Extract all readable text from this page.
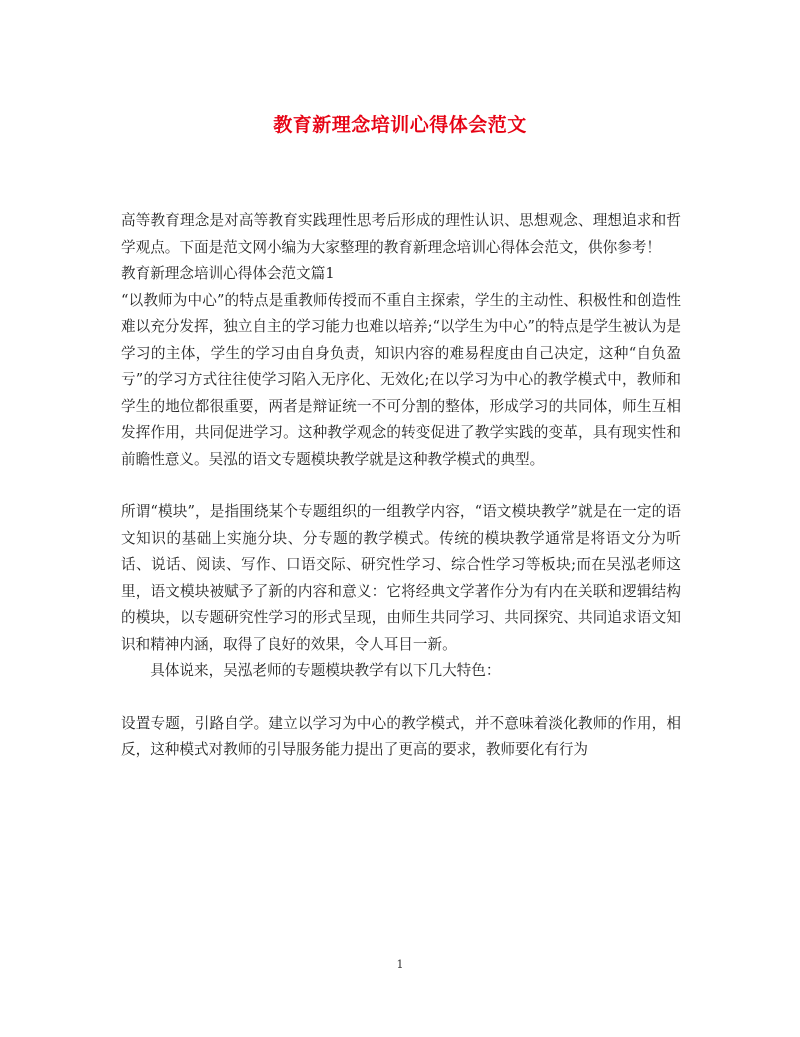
教育新理念培训心得体会范文

高等教育理念是对高等教育实践理性思考后形成的理性认识、思想观念、理想追求和哲学观点。下面是范文网小编为大家整理的教育新理念培训心得体会范文，供你参考！

教育新理念培训心得体会范文篇1

“以教师为中心”的特点是重教师传授而不重自主探索，学生的主动性、积极性和创造性难以充分发挥，独立自主的学习能力也难以培养;“以学生为中心”的特点是学生被认为是学习的主体，学生的学习由自身负责，知识内容的难易程度由自己决定，这种“自负盈亏”的学习方式往往使学习陷入无序化、无效化;在以学习为中心的教学模式中，教师和学生的地位都很重要，两者是辩证统一不可分割的整体，形成学习的共同体，师生互相发挥作用，共同促进学习。这种教学观念的转变促进了教学实践的变革，具有现实性和前瞻性意义。吴泓的语文专题模块教学就是这种教学模式的典型。

所谓“模块”，是指围绕某个专题组织的一组教学内容，“语文模块教学”就是在一定的语文知识的基础上实施分块、分专题的教学模式。传统的模块教学通常是将语文分为听话、说话、阅读、写作、口语交际、研究性学习、综合性学习等板块;而在吴泓老师这里，语文模块被赋予了新的内容和意义：它将经典文学著作分为有内在关联和逻辑结构的模块，以专题研究性学习的形式呈现，由师生共同学习、共同探究、共同追求语文知识和精神内涵，取得了良好的效果，令人耳目一新。

具体说来，吴泓老师的专题模块教学有以下几大特色：

设置专题，引路自学。建立以学习为中心的教学模式，并不意味着淡化教师的作用，相反，这种模式对教师的引导服务能力提出了更高的要求，教师要化有行为

1
